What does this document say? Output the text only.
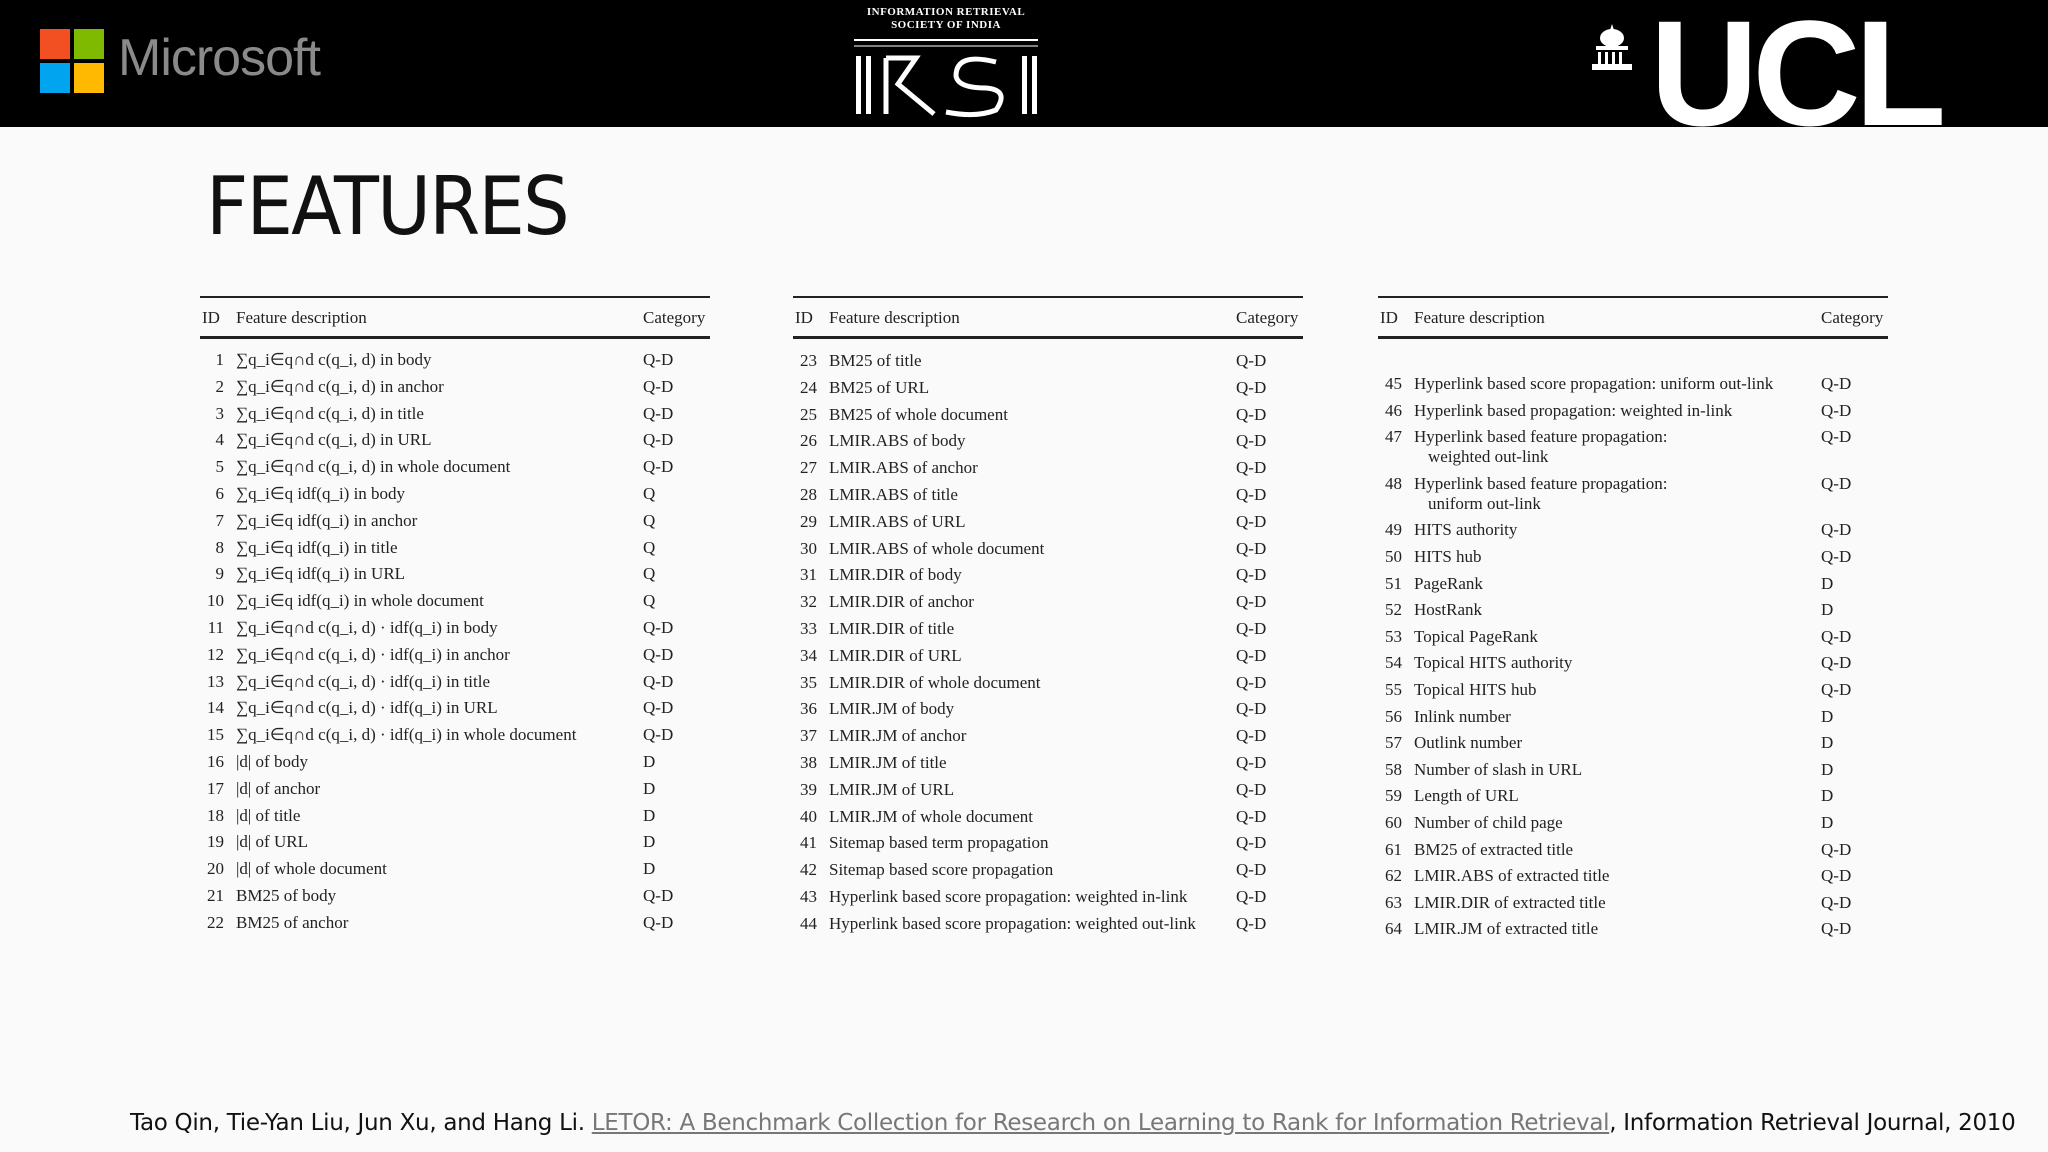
Microsoft
INFORMATION RETRIEVAL
SOCIETY OF INDIA	UCL
FEATURES
ID Feature description	Category
1 ∑q_i∈q∩d c(q_i, d) in body	Q-D
2 ∑q_i∈q∩d c(q_i, d) in anchor	Q-D
3 ∑q_i∈q∩d c(q_i, d) in title	Q-D
4 ∑q_i∈q∩d c(q_i, d) in URL	Q-D
5 ∑q_i∈q∩d c(q_i, d) in whole document	Q-D
6 ∑q_i∈q idf(q_i) in body	Q
7 ∑q_i∈q idf(q_i) in anchor	Q
8 ∑q_i∈q idf(q_i) in title	Q
9 ∑q_i∈q idf(q_i) in URL	Q
10 ∑q_i∈q idf(q_i) in whole document	Q
11 ∑q_i∈q∩d c(q_i, d) · idf(q_i) in body	Q-D
12 ∑q_i∈q∩d c(q_i, d) · idf(q_i) in anchor	Q-D
13 ∑q_i∈q∩d c(q_i, d) · idf(q_i) in title	Q-D
14 ∑q_i∈q∩d c(q_i, d) · idf(q_i) in URL	Q-D
15 ∑q_i∈q∩d c(q_i, d) · idf(q_i) in whole document	Q-D
16 |d| of body	D
17 |d| of anchor	D
18 |d| of title	D
19 |d| of URL	D
20 |d| of whole document	D
21 BM25 of body	Q-D
22 BM25 of anchor	Q-D
ID Feature description	Category
23 BM25 of title	Q-D
24 BM25 of URL	Q-D
25 BM25 of whole document	Q-D
26 LMIR.ABS of body	Q-D
27 LMIR.ABS of anchor	Q-D
28 LMIR.ABS of title	Q-D
29 LMIR.ABS of URL	Q-D
30 LMIR.ABS of whole document	Q-D
31 LMIR.DIR of body	Q-D
32 LMIR.DIR of anchor	Q-D
33 LMIR.DIR of title	Q-D
34 LMIR.DIR of URL	Q-D
35 LMIR.DIR of whole document	Q-D
36 LMIR.JM of body	Q-D
37 LMIR.JM of anchor	Q-D
38 LMIR.JM of title	Q-D
39 LMIR.JM of URL	Q-D
40 LMIR.JM of whole document	Q-D
41 Sitemap based term propagation	Q-D
42 Sitemap based score propagation	Q-D
43 Hyperlink based score propagation: weighted in-link	Q-D
44 Hyperlink based score propagation: weighted out-link Q-D
ID Feature description	Category
45 Hyperlink based score propagation: uniform out-link	Q-D
46 Hyperlink based propagation: weighted in-link	Q-D
47 Hyperlink based feature propagation:
weighted out-link
Q-D
48 Hyperlink based feature propagation:
uniform out-link
Q-D
49 HITS authority	Q-D
50 HITS hub	Q-D
51 PageRank	D
52 HostRank	D
53 Topical PageRank	Q-D
54 Topical HITS authority	Q-D
55 Topical HITS hub	Q-D
56 Inlink number	D
57 Outlink number	D
58 Number of slash in URL	D
59 Length of URL	D
60 Number of child page	D
61 BM25 of extracted title	Q-D
62 LMIR.ABS of extracted title	Q-D
63 LMIR.DIR of extracted title	Q-D
64 LMIR.JM of extracted title	Q-D
Tao Qin, Tie-Yan Liu, Jun Xu, and Hang Li. LETOR: A Benchmark Collection for Research on Learning to Rank for Information Retrieval, Information Retrieval Journal, 2010
